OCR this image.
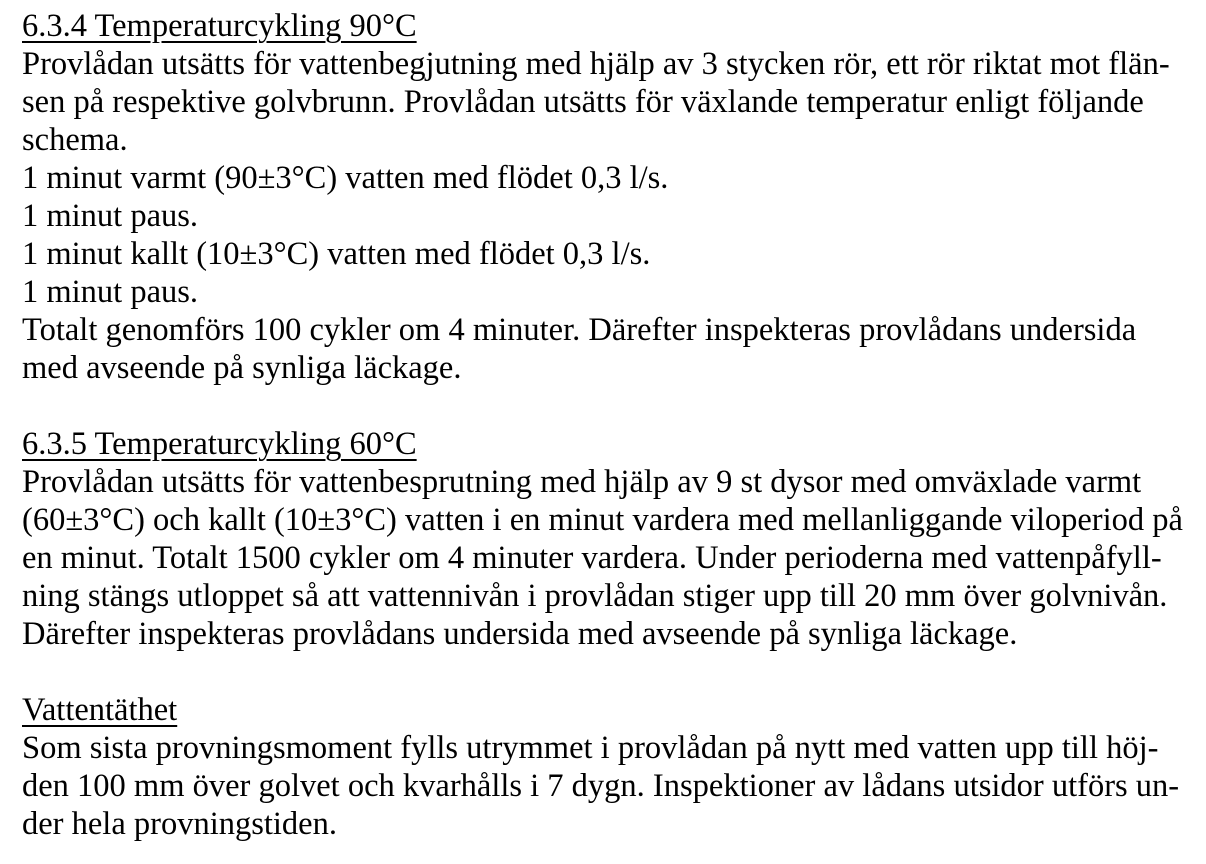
6.3.4 Temperaturcykling 90°C
Provlådan utsätts för vattenbegjutning med hjälp av 3 stycken rör, ett rör riktat mot flän-
sen på respektive golvbrunn. Provlådan utsätts för växlande temperatur enligt följande
schema.
1 minut varmt (90±3°C) vatten med flödet 0,3 l/s.
1 minut paus.
1 minut kallt (10±3°C) vatten med flödet 0,3 l/s.
1 minut paus.
Totalt genomförs 100 cykler om 4 minuter. Därefter inspekteras provlådans undersida
med avseende på synliga läckage.
6.3.5 Temperaturcykling 60°C
Provlådan utsätts för vattenbesprutning med hjälp av 9 st dysor med omväxlade varmt
(60±3°C) och kallt (10±3°C) vatten i en minut vardera med mellanliggande viloperiod på
en minut. Totalt 1500 cykler om 4 minuter vardera. Under perioderna med vattenpåfyll-
ning stängs utloppet så att vattennivån i provlådan stiger upp till 20 mm över golvnivån.
Därefter inspekteras provlådans undersida med avseende på synliga läckage.
Vattentäthet
Som sista provningsmoment fylls utrymmet i provlådan på nytt med vatten upp till höj-
den 100 mm över golvet och kvarhålls i 7 dygn. Inspektioner av lådans utsidor utförs un-
der hela provningstiden.
